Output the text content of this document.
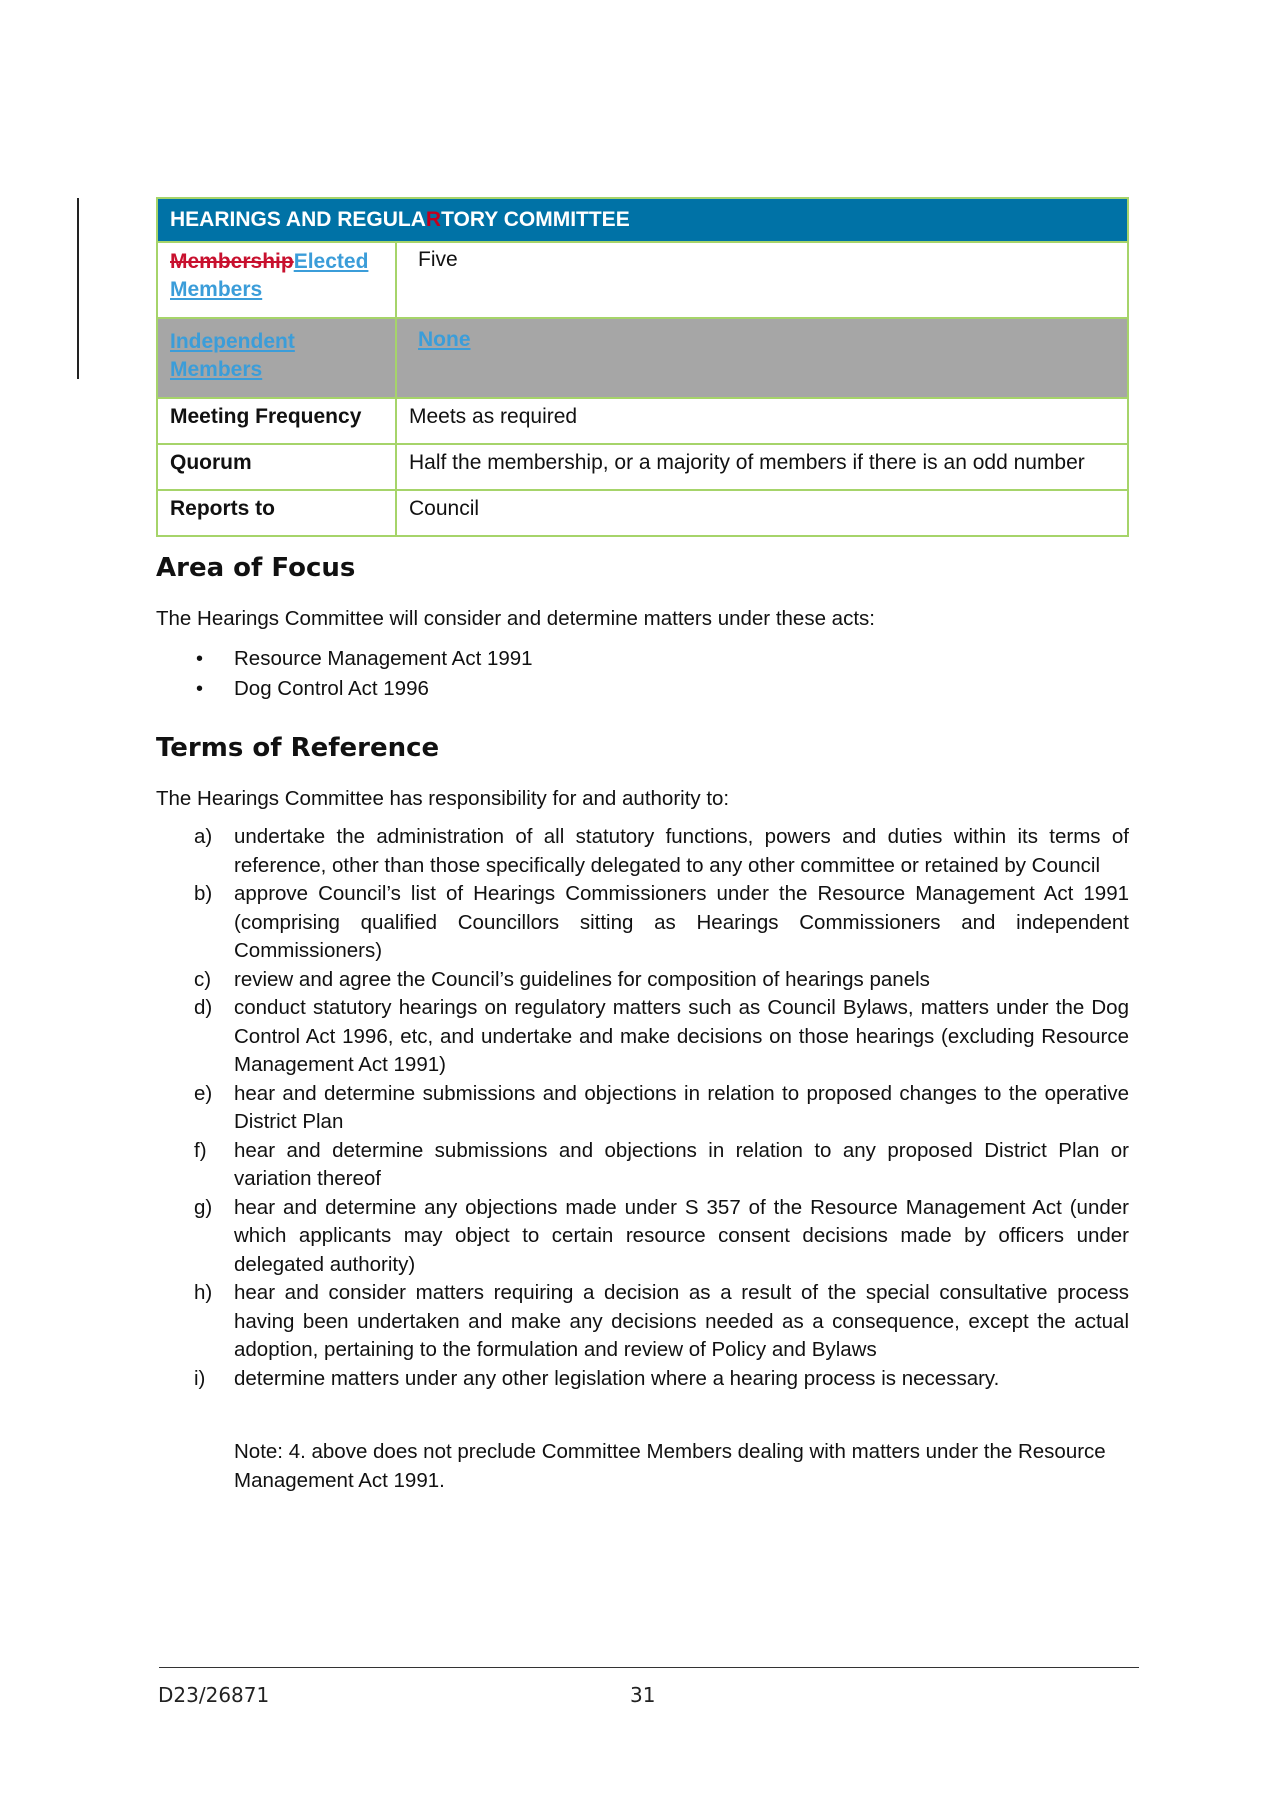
HEARINGS AND REGULARTORY COMMITTEE	

MembershipElected
Members	Five

Independent
Members	None
Meeting Frequency	Meets as required
Quorum	Half the membership, or a majority of members if there is an odd number
Reports to	Council
Area of Focus

The Hearings Committee will consider and determine matters under these acts:

• Resource Management Act 1991
• Dog Control Act 1996
Terms of Reference

The Hearings Committee has responsibility for and authority to:

a) undertake the administration of all statutory functions, powers and duties within its terms of reference, other than those specifically delegated to any other committee or retained by Council
b) approve Council’s list of Hearings Commissioners under the Resource Management Act 1991 (comprising qualified Councillors sitting as Hearings Commissioners and independent Commissioners)
c) review and agree the Council’s guidelines for composition of hearings panels
d) conduct statutory hearings on regulatory matters such as Council Bylaws, matters under the Dog Control Act 1996, etc, and undertake and make decisions on those hearings (excluding Resource Management Act 1991)
e) hear and determine submissions and objections in relation to proposed changes to the operative District Plan
f) hear and determine submissions and objections in relation to any proposed District Plan or variation thereof
g) hear and determine any objections made under S 357 of the Resource Management Act (under which applicants may object to certain resource consent decisions made by officers under delegated authority)
h) hear and consider matters requiring a decision as a result of the special consultative process having been undertaken and make any decisions needed as a consequence, except the actual adoption, pertaining to the formulation and review of Policy and Bylaws
i) determine matters under any other legislation where a hearing process is necessary.

Note: 4. above does not preclude Committee Members dealing with matters under the Resource Management Act 1991.

D23/26871	31
